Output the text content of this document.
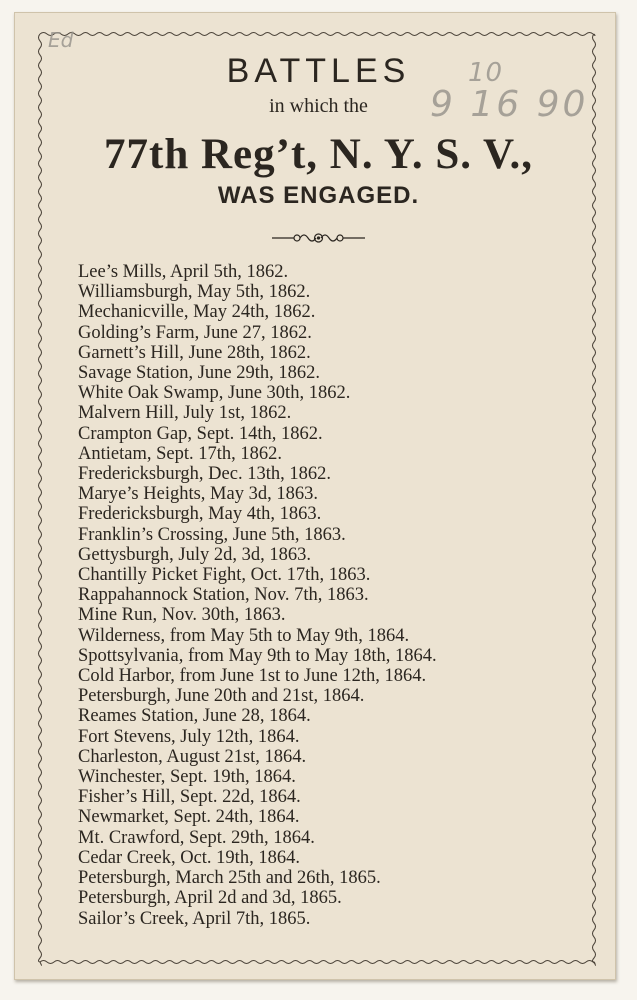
Ed
10
9 16 90
BATTLES
in which the
77th Reg’t, N. Y. S. V.,
WAS ENGAGED.
Lee’s Mills, April 5th, 1862.
Williamsburgh, May 5th, 1862.
Mechanicville, May 24th, 1862.
Golding’s Farm, June 27, 1862.
Garnett’s Hill, June 28th, 1862.
Savage Station, June 29th, 1862.
White Oak Swamp, June 30th, 1862.
Malvern Hill, July 1st, 1862.
Crampton Gap, Sept. 14th, 1862.
Antietam, Sept. 17th, 1862.
Fredericksburgh, Dec. 13th, 1862.
Marye’s Heights, May 3d, 1863.
Fredericksburgh, May 4th, 1863.
Franklin’s Crossing, June 5th, 1863.
Gettysburgh, July 2d, 3d, 1863.
Chantilly Picket Fight, Oct. 17th, 1863.
Rappahannock Station, Nov. 7th, 1863.
Mine Run, Nov. 30th, 1863.
Wilderness, from May 5th to May 9th, 1864.
Spottsylvania, from May 9th to May 18th, 1864.
Cold Harbor, from June 1st to June 12th, 1864.
Petersburgh, June 20th and 21st, 1864.
Reames Station, June 28, 1864.
Fort Stevens, July 12th, 1864.
Charleston, August 21st, 1864.
Winchester, Sept. 19th, 1864.
Fisher’s Hill, Sept. 22d, 1864.
Newmarket, Sept. 24th, 1864.
Mt. Crawford, Sept. 29th, 1864.
Cedar Creek, Oct. 19th, 1864.
Petersburgh, March 25th and 26th, 1865.
Petersburgh, April 2d and 3d, 1865.
Sailor’s Creek, April 7th, 1865.
